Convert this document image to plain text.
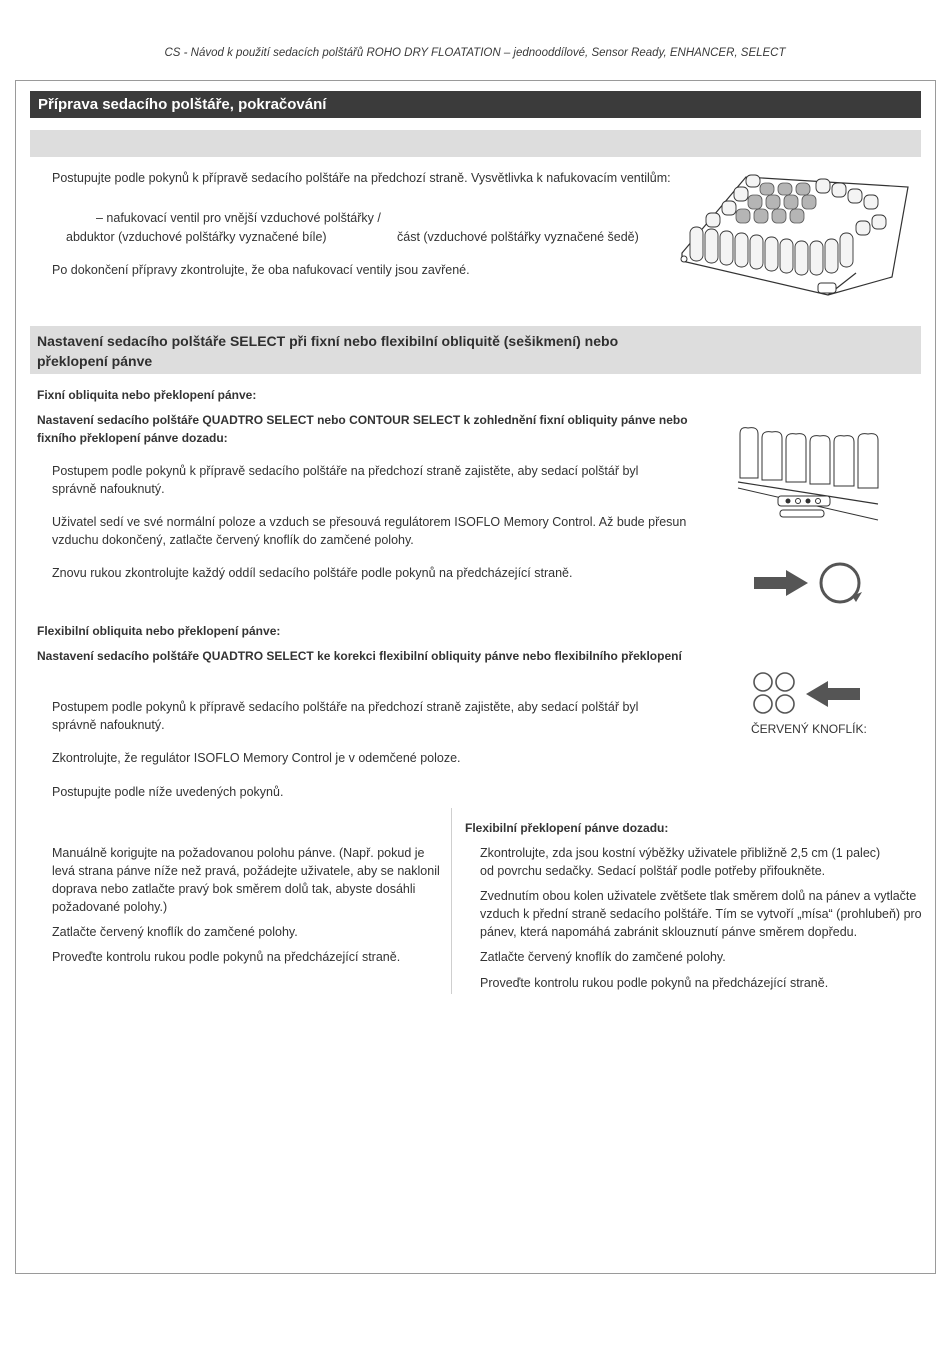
CS - Návod k použití sedacích polštářů ROHO DRY FLOATATION – jednooddílové, Sensor Ready, ENHANCER, SELECT
Příprava sedacího polštáře, pokračování
Postupujte podle pokynů k přípravě sedacího polštáře na předchozí straně. Vysvětlivka k nafukovacím ventilům:
– nafukovací ventil pro vnější vzduchové polštářky /
abduktor (vzduchové polštářky vyznačené bíle)	část (vzduchové polštářky vyznačené šedě)
Po dokončení přípravy zkontrolujte, že oba nafukovací ventily jsou zavřené.
Nastavení sedacího polštáře SELECT při fixní nebo flexibilní obliquitě (sešikmení) nebo
překlopení pánve
Fixní obliquita nebo překlopení pánve:
Nastavení sedacího polštáře QUADTRO SELECT nebo CONTOUR SELECT k zohlednění fixní obliquity pánve nebo
fixního překlopení pánve dozadu:
Postupem podle pokynů k přípravě sedacího polštáře na předchozí straně zajistěte, aby sedací polštář byl
správně nafouknutý.
Uživatel sedí ve své normální poloze a vzduch se přesouvá regulátorem ISOFLO Memory Control. Až bude přesun
vzduchu dokončený, zatlačte červený knoflík do zamčené polohy.
Znovu rukou zkontrolujte každý oddíl sedacího polštáře podle pokynů na předcházející straně.
Flexibilní obliquita nebo překlopení pánve:
Nastavení sedacího polštáře QUADTRO SELECT ke korekci flexibilní obliquity pánve nebo flexibilního překlopení
ČERVENÝ KNOFLÍK:
Postupem podle pokynů k přípravě sedacího polštáře na předchozí straně zajistěte, aby sedací polštář byl
správně nafouknutý.
Zkontrolujte, že regulátor ISOFLO Memory Control je v odemčené poloze.
Postupujte podle níže uvedených pokynů.
Manuálně korigujte na požadovanou polohu pánve. (Např. pokud je
levá strana pánve níže než pravá, požádejte uživatele, aby se naklonil
doprava nebo zatlačte pravý bok směrem dolů tak, abyste dosáhli
požadované polohy.)
Zatlačte červený knoflík do zamčené polohy.
Proveďte kontrolu rukou podle pokynů na předcházející straně.
Flexibilní překlopení pánve dozadu:
Zkontrolujte, zda jsou kostní výběžky uživatele přibližně 2,5 cm (1 palec)
od povrchu sedačky. Sedací polštář podle potřeby přifoukněte.
Zvednutím obou kolen uživatele zvětšete tlak směrem dolů na pánev a vytlačte
vzduch k přední straně sedacího polštáře. Tím se vytvoří „mísa“ (prohlubeň) pro
pánev, která napomáhá zabránit sklouznutí pánve směrem dopředu.
Zatlačte červený knoflík do zamčené polohy.
Proveďte kontrolu rukou podle pokynů na předcházející straně.
